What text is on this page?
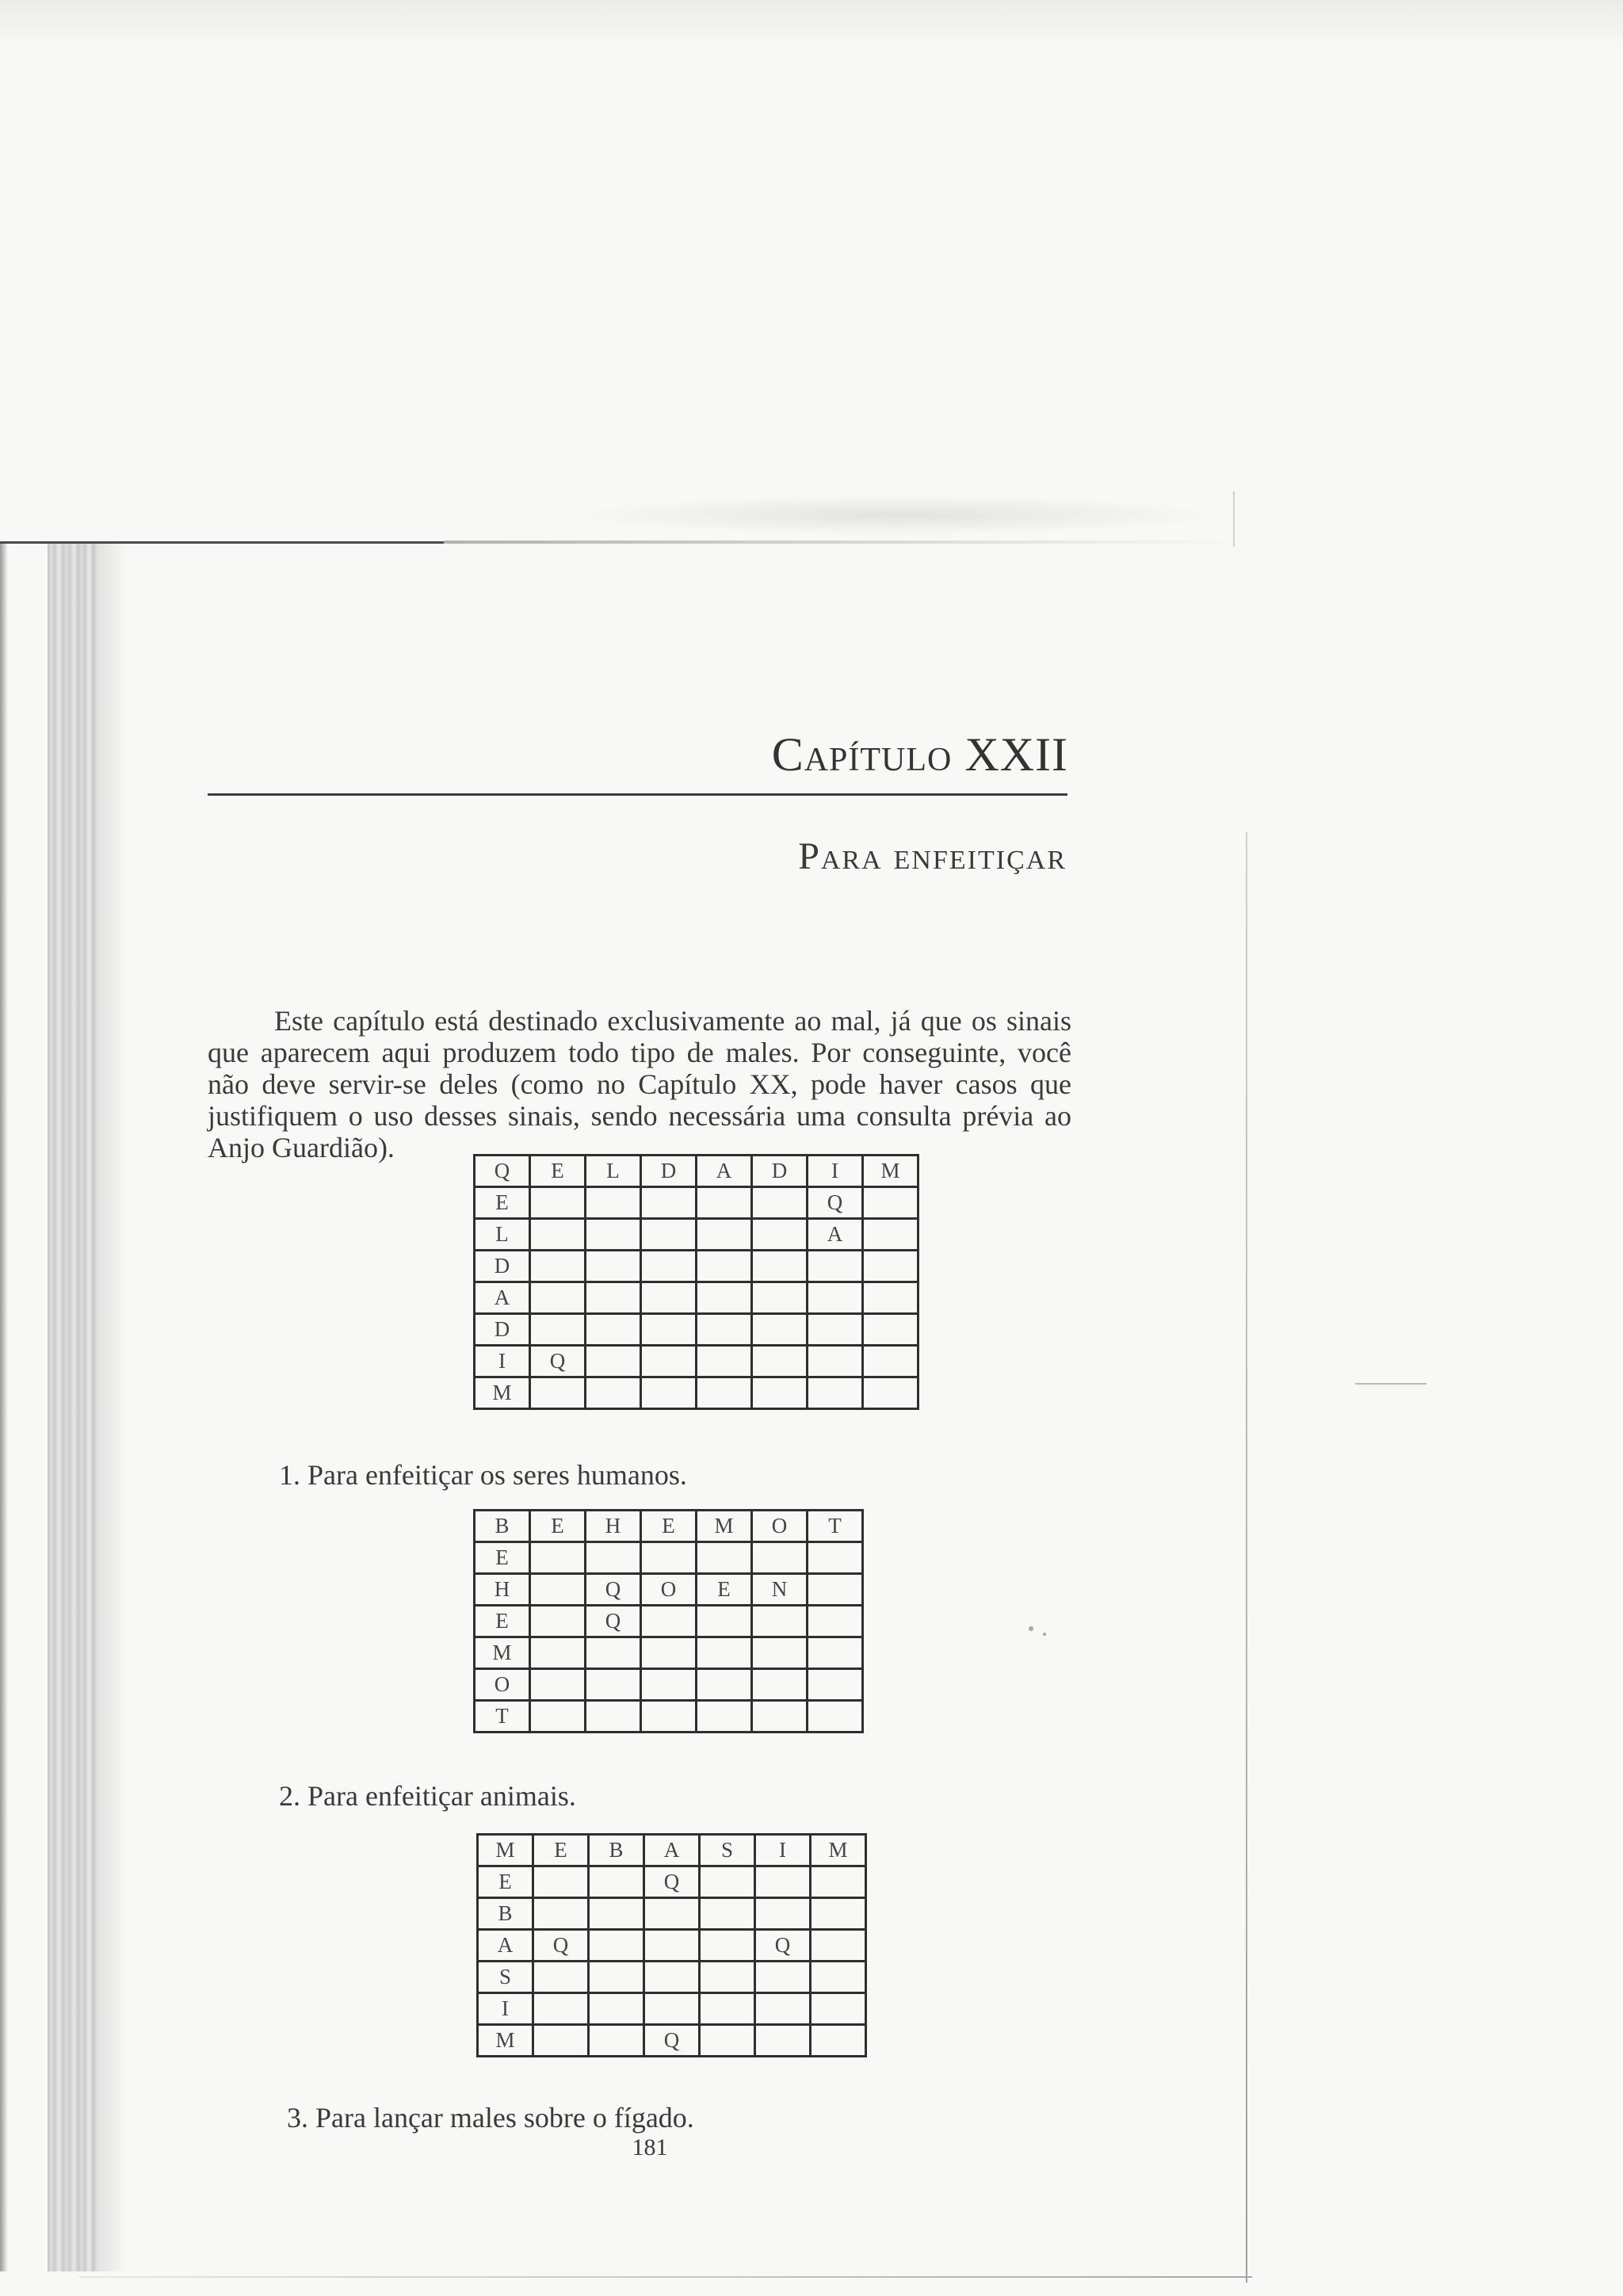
Capítulo XXII
Para enfeitiçar

Este capítulo está destinado exclusivamente ao mal, já que os sinais que aparecem aqui produzem todo tipo de males. Por conseguinte, você não deve servir-se deles (como no Capítulo XX, pode haver casos que justifiquem o uso desses sinais, sendo necessária uma consulta prévia ao Anjo Guardião).

Q	E	L	D	A	D	I	M
E						Q	
L						A	
D							
A							
D							
I	Q						
M							

1. Para enfeitiçar os seres humanos.

B	E	H	E	M	O	T
E						
H		Q	O	E	N	
E		Q				
M						
O						
T						

2. Para enfeitiçar animais.

M	E	B	A	S	I	M
E			Q			
B						
A	Q				Q	
S						
I						
M			Q			

3. Para lançar males sobre o fígado.

181
